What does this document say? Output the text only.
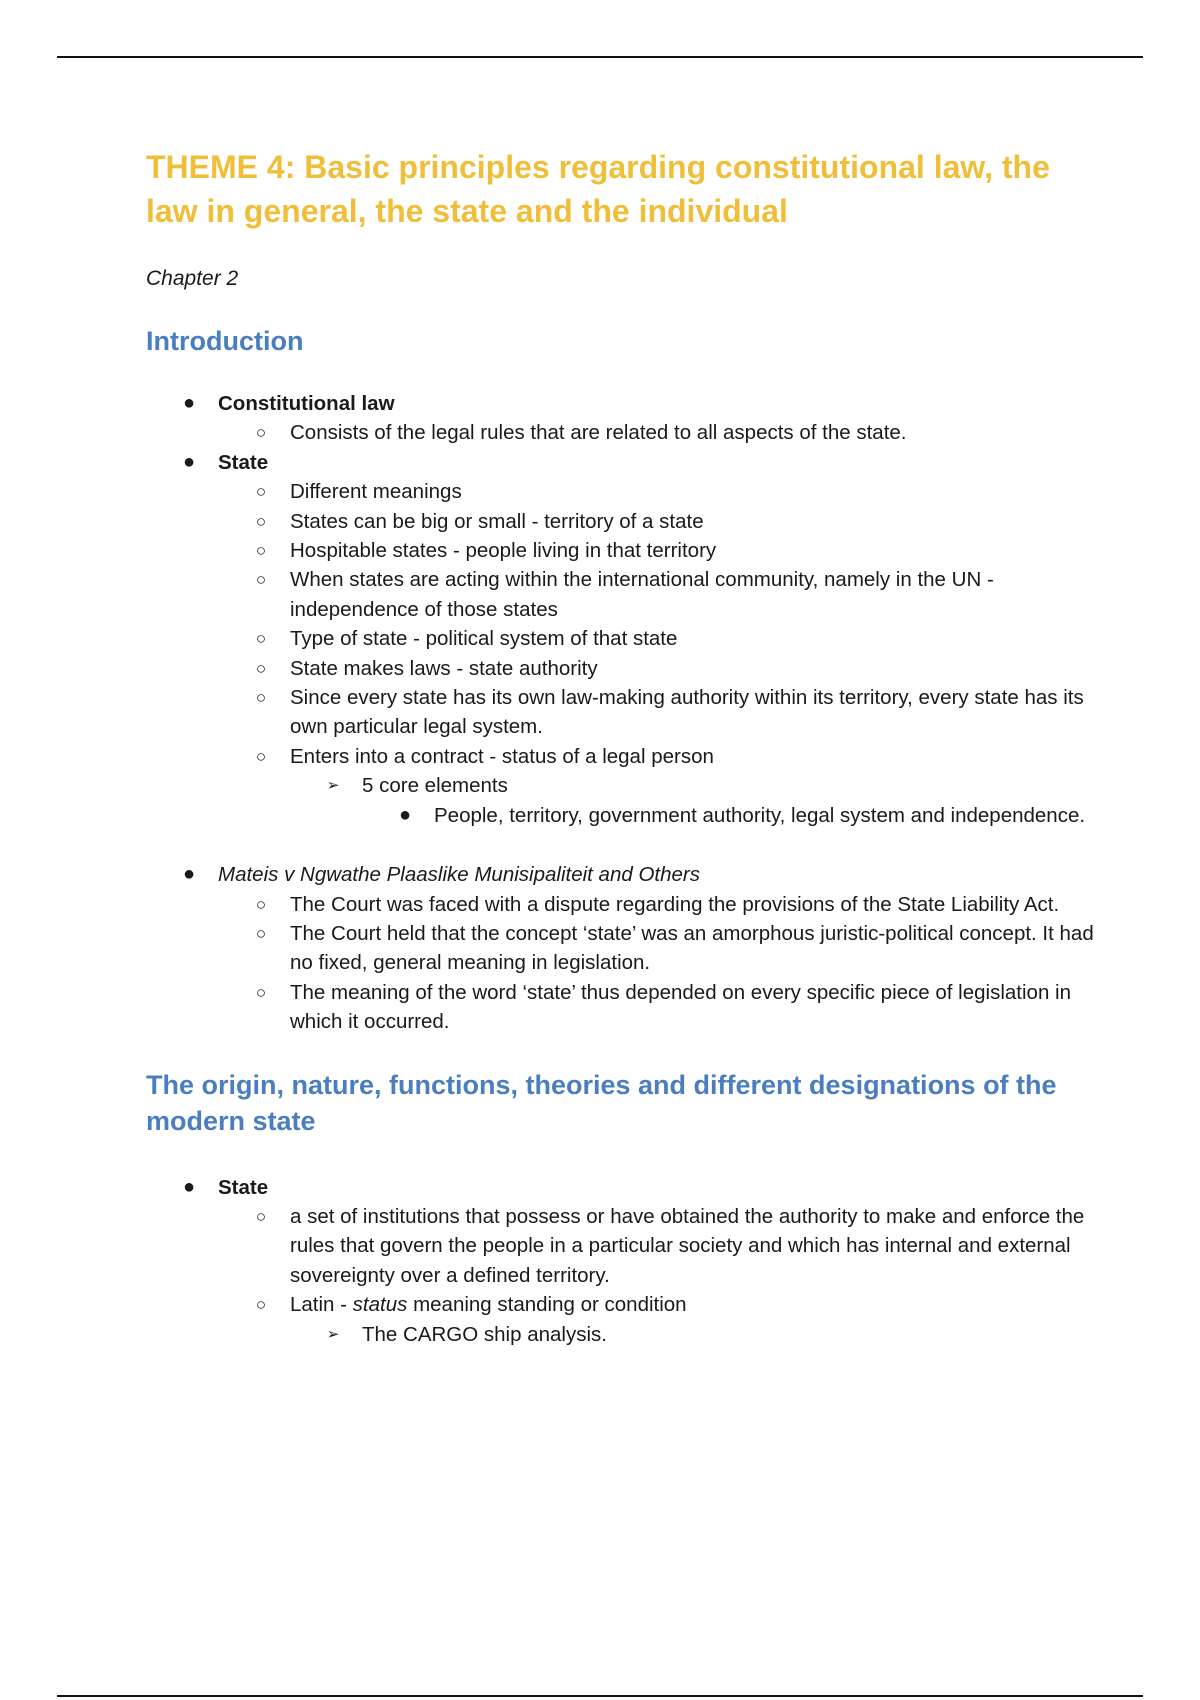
THEME 4: Basic principles regarding constitutional law, the law in general, the state and the individual
Chapter 2
Introduction
●	Constitutional law
○	Consists of the legal rules that are related to all aspects of the state.
●	State
○	Different meanings
○	States can be big or small - territory of a state
○	Hospitable states - people living in that territory
○	When states are acting within the international community, namely in the UN - independence of those states
○	Type of state - political system of that state
○	State makes laws - state authority
○	Since every state has its own law-making authority within its territory, every state has its own particular legal system.
○	Enters into a contract - status of a legal person
➢	5 core elements
●	People, territory, government authority, legal system and independence.
●	Mateis v Ngwathe Plaaslike Munisipaliteit and Others
○	The Court was faced with a dispute regarding the provisions of the State Liability Act.
○	The Court held that the concept ‘state’ was an amorphous juristic-political concept. It had no fixed, general meaning in legislation.
○	The meaning of the word ‘state’ thus depended on every specific piece of legislation in which it occurred.
The origin, nature, functions, theories and different designations of the modern state
●	State
○	a set of institutions that possess or have obtained the authority to make and enforce the rules that govern the people in a particular society and which has internal and external sovereignty over a defined territory.
○	Latin - status meaning standing or condition
➢	The CARGO ship analysis.
